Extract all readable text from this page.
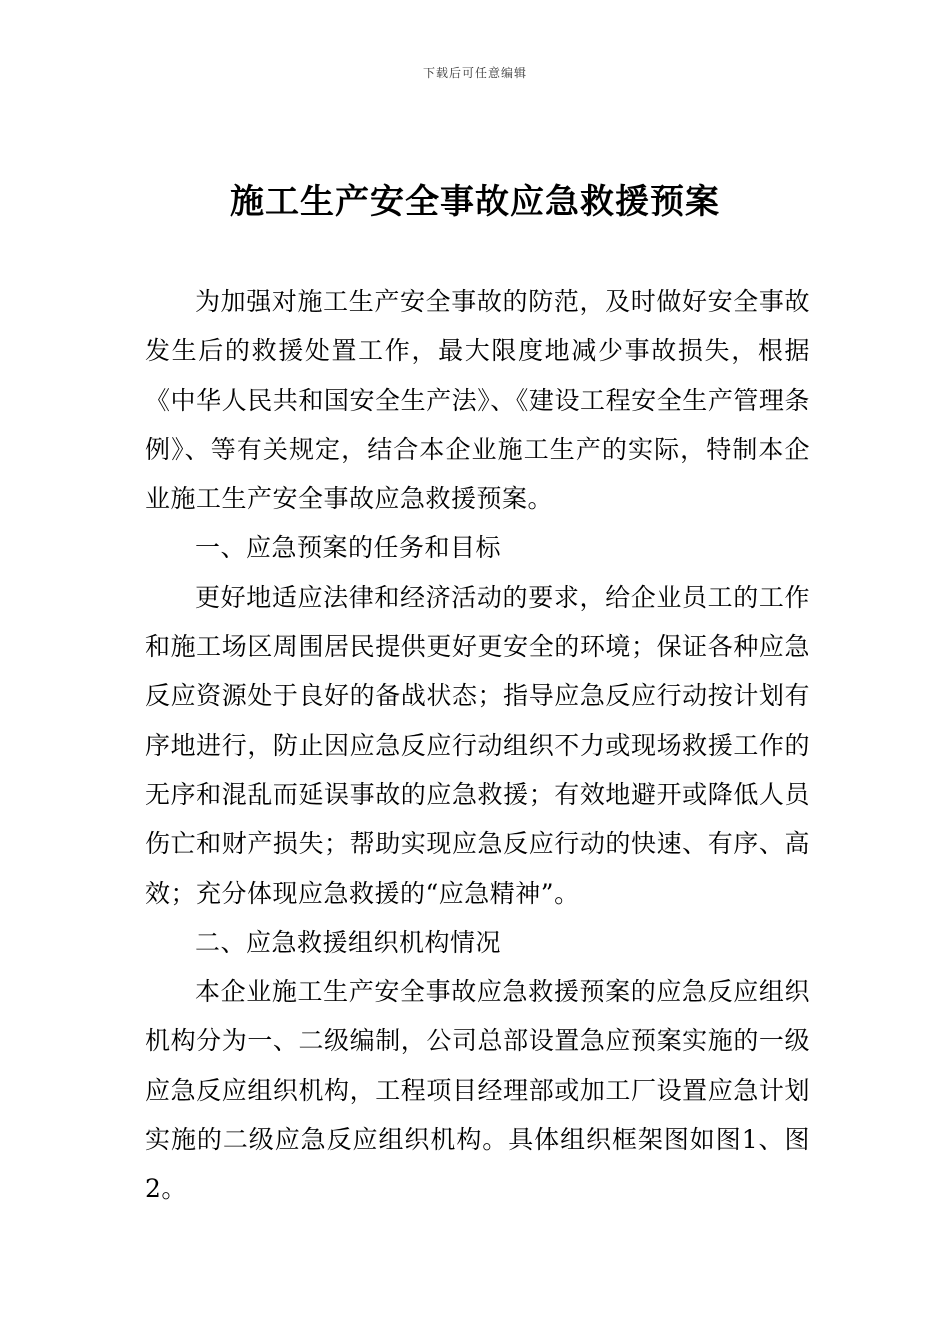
下载后可任意编辑
施工生产安全事故应急救援预案

为加强对施工生产安全事故的防范，及时做好安全事故发生后的救援处置工作，最大限度地减少事故损失，根据《中华人民共和国安全生产法》、《建设工程安全生产管理条例》、等有关规定，结合本企业施工生产的实际，特制本企业施工生产安全事故应急救援预案。

一、应急预案的任务和目标

更好地适应法律和经济活动的要求，给企业员工的工作和施工场区周围居民提供更好更安全的环境；保证各种应急反应资源处于良好的备战状态；指导应急反应行动按计划有序地进行，防止因应急反应行动组织不力或现场救援工作的无序和混乱而延误事故的应急救援；有效地避开或降低人员伤亡和财产损失；帮助实现应急反应行动的快速、有序、高效；充分体现应急救援的“应急精神”。

二、应急救援组织机构情况

本企业施工生产安全事故应急救援预案的应急反应组织机构分为一、二级编制，公司总部设置急应预案实施的一级应急反应组织机构，工程项目经理部或加工厂设置应急计划实施的二级应急反应组织机构。具体组织框架图如图1、图2。
